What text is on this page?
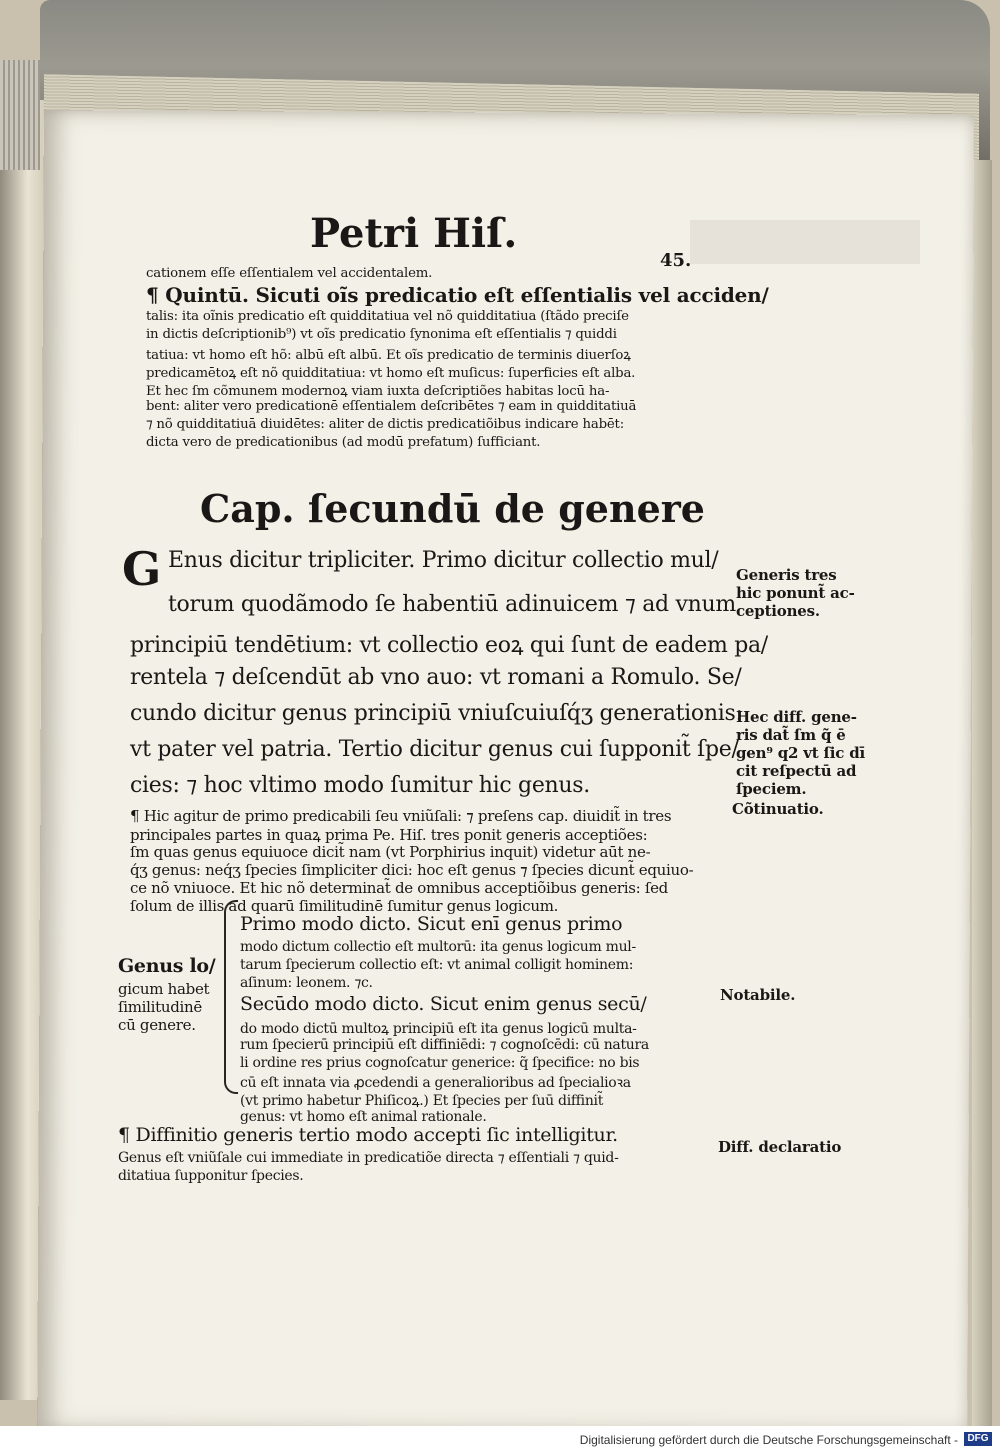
Petri Hiſ.
45.
cationem eſſe eſſentialem vel accidentalem.
¶ Quintū. Sicuti oĩs predicatio eſt eſſentialis vel acciden/
talis: ita oĩnis predicatio eſt quidditatiua vel nõ quidditatiua (ſtãdo preciſe
in dictis deſcriptionib⁹) vt oĩs predicatio ſynonima eſt eſſentialis ⁊ quiddi
tatiua: vt homo eſt hõ: albū eſt albū. Et oĩs predicatio de terminis diuerſoꝝ
predicamētoꝝ eſt nõ quidditatiua: vt homo eſt muſicus: ſuperficies eſt alba.
Et hec ſm cõmunem modernoꝝ viam iuxta deſcriptiões habitas locū ha-
bent: aliter vero predicationē eſſentialem deſcribētes ⁊ eam in quidditatiuā
⁊ nõ quidditatiuā diuidētes: aliter de dictis predicatiõibus indicare habēt:
dicta vero de predicationibus (ad modū prefatum) ſufficiant.
Cap. ſecundū de genere
G Enus dicitur tripliciter. Primo dicitur collectio mul/
torum quodãmodo ſe habentiū adinuicem ⁊ ad vnum
principiū tendētium: vt collectio eoꝝ qui ſunt de eadem pa/
rentela ⁊ deſcendūt ab vno auo: vt romani a Romulo. Se/
cundo dicitur genus principiū vniuſcuiuſq́ʒ generationis:
vt pater vel patria. Tertio dicitur genus cui ſupponit̃ ſpe/
cies: ⁊ hoc vltimo modo ſumitur hic genus.
¶ Hic agitur de primo predicabili ſeu vniũſali: ⁊ preſens cap. diuidit̃ in tres
principales partes in quaꝝ prima Pe. Hiſ. tres ponit generis acceptiões:
ſm quas genus equiuoce dicit̃ nam (vt Porphirius inquit) videtur aūt ne-
q́ʒ genus: neq́ʒ ſpecies ſimpliciter dici: hoc eſt genus ⁊ ſpecies dicunt̃ equiuo-
ce nõ vniuoce. Et hic nõ determinat̃ de omnibus acceptiõibus generis: ſed
ſolum de illis ad quarū ſimilitudinē ſumitur genus logicum.
Primo modo dicto. Sicut enī genus primo
modo dictum collectio eſt multorū: ita genus logicum mul-
tarum ſpecierum collectio eſt: vt animal colligit hominem:
aſinum: leonem. ⁊c.
Secūdo modo dicto. Sicut enim genus secū/
do modo dictū multoꝝ principiū eſt ita genus logicū multa-
rum ſpecierū principiū eſt diffiniēdi: ⁊ cognoſcēdi: cū natura
li ordine res prius cognoſcatur generice: q̃ ſpecifice: no bis
cū eſt innata via ꝓcedendi a generalioribus ad ſpecialioꝛa
(vt primo habetur Phiſicoꝝ.) Et ſpecies per ſuū diffinit̃
genus: vt homo eſt animal rationale.
Genus lo/
gicum habet
ſimilitudinē
cū genere.
¶ Diffinitio generis tertio modo accepti ſic intelligitur.
Genus eſt vniũſale cui immediate in predicatiõe directa ⁊ eſſentiali ⁊ quid-
ditatiua ſupponitur ſpecies.
Generis tres
hic ponunt̃ ac-
ceptiones.
Hec diff. gene-
ris dat̃ ſm q̃ ē
gen⁹ q2 vt ſic dī
cit reſpectū ad
ſpeciem.
Cõtinuatio.
Notabile.
Diff. declaratio
Digitalisierung gefördert durch die Deutsche Forschungsgemeinschaft - DFG
